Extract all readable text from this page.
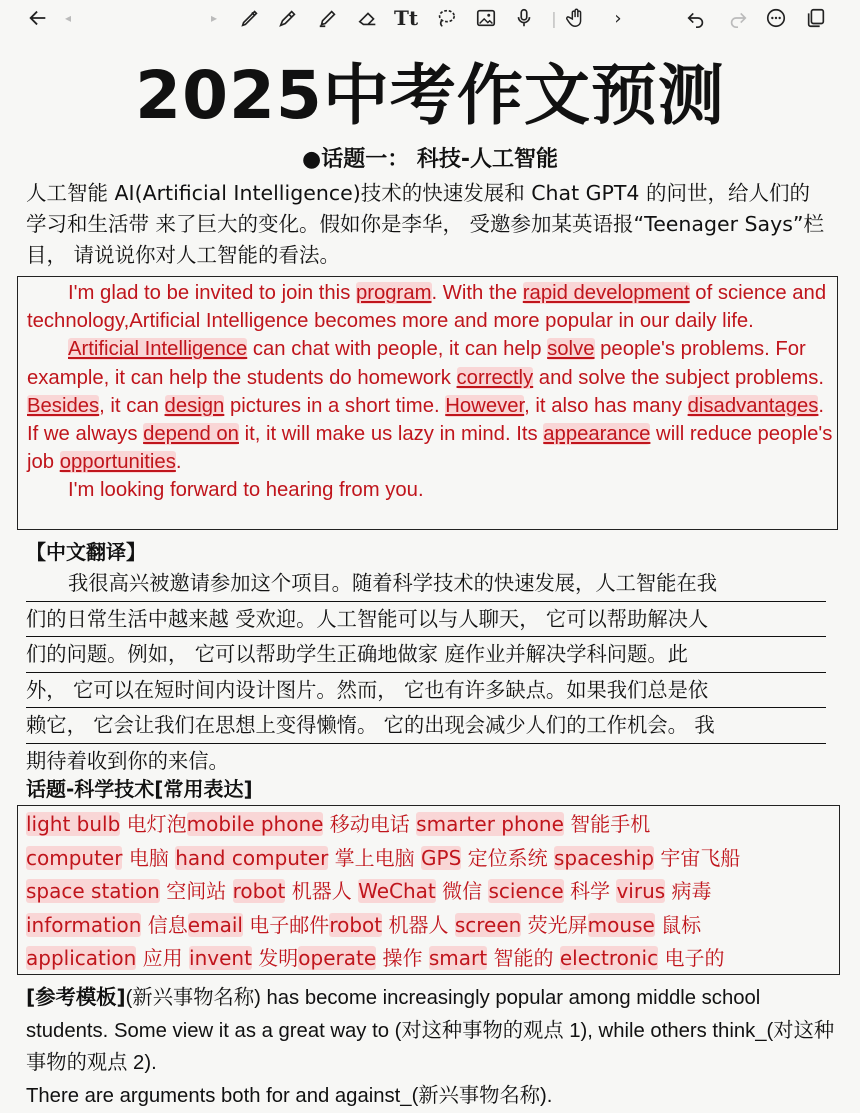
◂	▸	Tt	|	›
2025中考作文预测
●话题一： 科技-人工智能
人工智能 AI(Artificial Intelligence)技术的快速发展和 Chat GPT4 的问世，给人们的学习和生活带 来了巨大的变化。假如你是李华， 受邀参加某英语报“Teenager Says”栏目， 请说说你对人工智能的看法。

I'm glad to be invited to join this program. With the rapid development of science and technology,Artificial Intelligence becomes more and more popular in our daily life.

Artificial Intelligence can chat with people, it can help solve people's problems. For example, it can help the students do homework correctly and solve the subject problems. Besides, it can design pictures in a short time. However, it also has many disadvantages. If we always depend on it, it will make us lazy in mind. Its appearance will reduce people's job opportunities.

I'm looking forward to hearing from you.

【中文翻译】
我很高兴被邀请参加这个项目。随着科学技术的快速发展，人工智能在我
们的日常生活中越来越 受欢迎。人工智能可以与人聊天， 它可以帮助解决人
们的问题。例如， 它可以帮助学生正确地做家 庭作业并解决学科问题。此
外， 它可以在短时间内设计图片。然而， 它也有许多缺点。如果我们总是依
赖它， 它会让我们在思想上变得懒惰。 它的出现会减少人们的工作机会。 我
期待着收到你的来信。
话题-科学技术[常用表达]
light bulb 电灯泡mobile phone 移动电话 smarter phone 智能手机
computer 电脑 hand computer 掌上电脑 GPS 定位系统 spaceship 宇宙飞船
space station 空间站 robot 机器人 WeChat 微信 science 科学 virus 病毒
information 信息email 电子邮件robot 机器人 screen 荧光屏mouse 鼠标
application 应用 invent 发明operate 操作 smart 智能的 electronic 电子的
[参考模板](新兴事物名称) has become increasingly popular among middle school students. Some view it as a great way to (对这种事物的观点 1), while others think_(对这种事物的观点 2).
There are arguments both for and against_(新兴事物名称).
